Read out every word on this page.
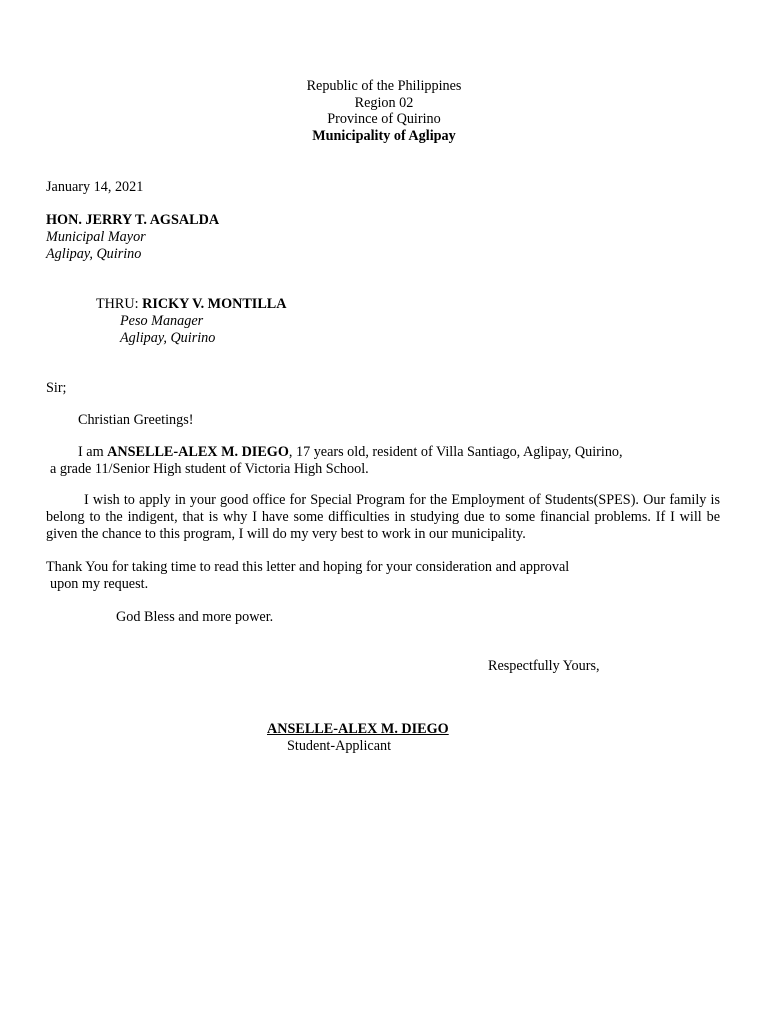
Republic of the Philippines
Region 02
Province of Quirino
Municipality of Aglipay
January 14, 2021
HON. JERRY T. AGSALDA
Municipal Mayor
Aglipay, Quirino
THRU: RICKY V. MONTILLA
Peso Manager
Aglipay, Quirino
Sir;
Christian Greetings!
I am ANSELLE-ALEX M. DIEGO, 17 years old, resident of Villa Santiago, Aglipay, Quirino,
a grade 11/Senior High student of Victoria High School.
I wish to apply in your good office for Special Program for the Employment of Students(SPES). Our family is belong to the indigent, that is why I have some difficulties in studying due to some financial problems. If I will be given the chance to this program, I will do my very best to work in our municipality.
Thank You for taking time to read this letter and hoping for your consideration and approval
upon my request.
God Bless and more power.
Respectfully Yours,
ANSELLE-ALEX M. DIEGO
Student-Applicant
